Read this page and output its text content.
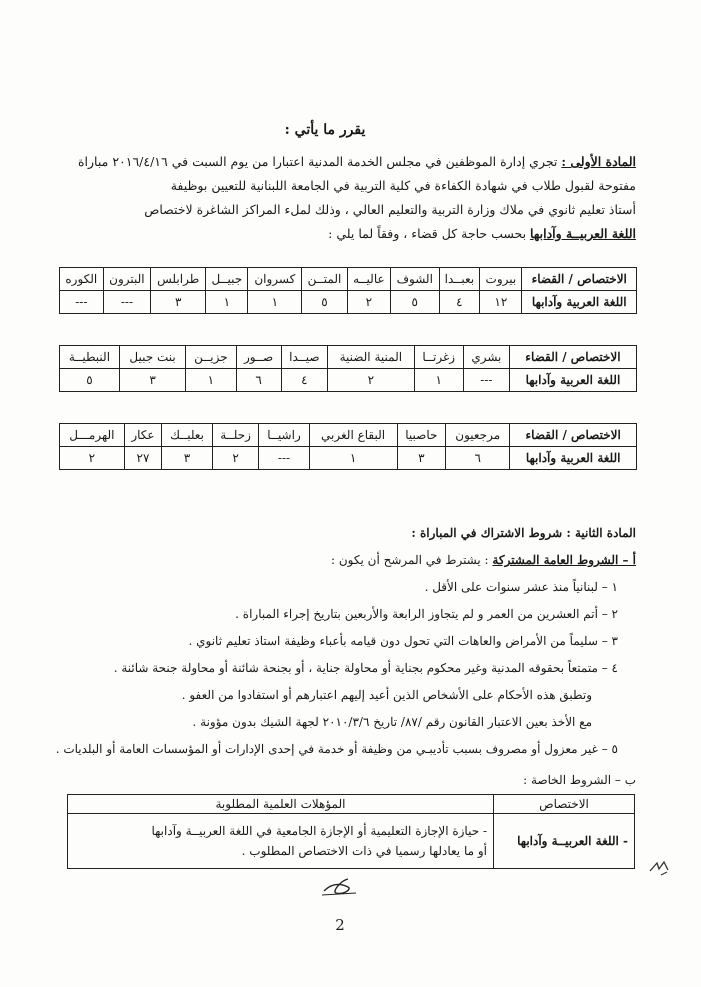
يقرر ما يأتي :
المادة الأولى : تجري إدارة الموظفين في مجلس الخدمة المدنية اعتبارا من يوم السبت في ٢٠١٦/٤/١٦ مباراة
مفتوحة لقبول طلاب في شهادة الكفاءة في كلية التربية في الجامعة اللبنانية للتعيين بوظيفة
أستاذ تعليم ثانوي في ملاك وزارة التربية والتعليم العالي ، وذلك لملء المراكز الشاغرة لاختصاص
اللغة العربيــة وآدابها بحسب حاجة كل قضاء ، وفقاً لما يلي :
الاختصاص / القضاء	بيروت	بعبــدا	الشوف	عاليــه	المتــن	كسروان	جبيــل	طرابلس	البترون	الكوره
اللغة العربية وآدابها	١٢	٤	٥	٢	٥	١	١	٣	---	---
الاختصاص / القضاء	بشري	زغرتــا	المنية الضنية	صيــدا	صــور	جزيــن	بنت جبيل	النبطيــة
اللغة العربية وآدابها	---	١	٢	٤	٦	١	٣	٥
الاختصاص / القضاء	مرجعيون	حاصبيا	البقاع الغربي	راشيــا	زحلــة	بعلبــك	عكار	الهرمـــل
اللغة العربية وآدابها	٦	٣	١	---	٢	٣	٢٧	٢
المادة الثانية : شروط الاشتراك في المباراة :
أ – الشروط العامة المشتركة : يشترط في المرشح أن يكون :
١ – لبنانياً منذ عشر سنوات على الأقل .
٢ – أتم العشرين من العمر و لم يتجاوز الرابعة والأربعين بتاريخ إجراء المباراة .
٣ – سليماً من الأمراض والعاهات التي تحول دون قيامه بأعباء وظيفة استاذ تعليم ثانوي .
٤ – متمتعاً بحقوقه المدنية وغير محكوم بجناية أو محاولة جناية ، أو بجنحة شائنة أو محاولة جنحة شائنة .
وتطبق هذه الأحكام على الأشخاص الذين أعيد إليهم اعتبارهم أو استفادوا من العفو .
مع الأخذ بعين الاعتبار القانون رقم /٨٧/ تاريخ ٢٠١٠/٣/٦ لجهة الشيك بدون مؤونة .
٥ – غير معزول أو مصروف بسبب تأديبـي من وظيفة أو خدمة في إحدى الإدارات أو المؤسسات العامة أو البلديات .
ب – الشروط الخاصة :
الاختصاص	المؤهلات العلمية المطلوبة
- اللغة العربيــة وآدابها	- حيازة الإجازة التعليمية أو الإجازة الجامعية في اللغة العربيــة وآدابها
أو ما يعادلها رسميا في ذات الاختصاص المطلوب .
2
